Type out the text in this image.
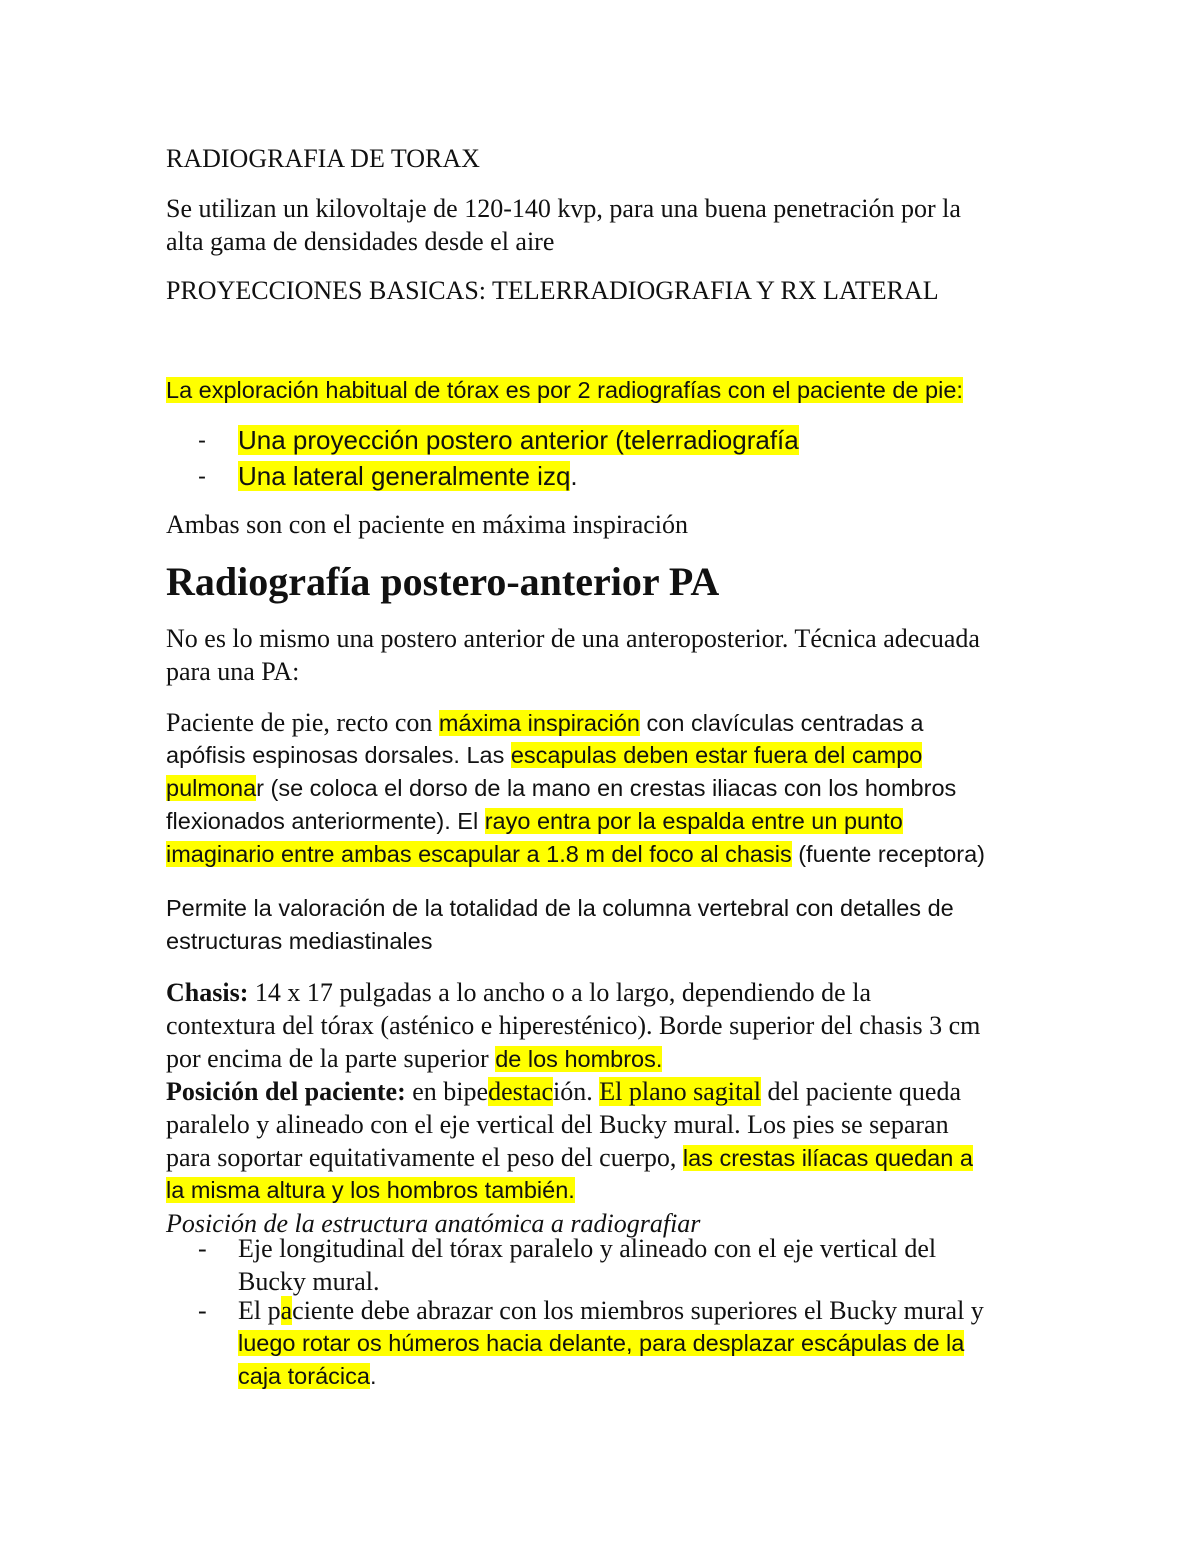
RADIOGRAFIA DE TORAX

Se utilizan un kilovoltaje de 120-140 kvp, para una buena penetración por la
alta gama de densidades desde el aire

PROYECCIONES BASICAS: TELERRADIOGRAFIA Y RX LATERAL

La exploración habitual de tórax es por 2 radiografías con el paciente de pie:

- Una proyección postero anterior (telerradiografía

- Una lateral generalmente izq.

Ambas son con el paciente en máxima inspiración

Radiografía postero-anterior PA

No es lo mismo una postero anterior de una anteroposterior. Técnica adecuada
para una PA:

Paciente de pie, recto con máxima inspiración con clavículas centradas a
apófisis espinosas dorsales. Las escapulas deben estar fuera del campo
pulmonar (se coloca el dorso de la mano en crestas iliacas con los hombros
flexionados anteriormente). El rayo entra por la espalda entre un punto
imaginario entre ambas escapular a 1.8 m del foco al chasis (fuente receptora)

Permite la valoración de la totalidad de la columna vertebral con detalles de
estructuras mediastinales

Chasis: 14 x 17 pulgadas a lo ancho o a lo largo, dependiendo de la
contextura del tórax (asténico e hiperesténico). Borde superior del chasis 3 cm
por encima de la parte superior de los hombros.
Posición del paciente: en bipedestación. El plano sagital del paciente queda
paralelo y alineado con el eje vertical del Bucky mural. Los pies se separan
para soportar equitativamente el peso del cuerpo, las crestas ilíacas quedan a
la misma altura y los hombros también.
Posición de la estructura anatómica a radiografiar

- Eje longitudinal del tórax paralelo y alineado con el eje vertical del
Bucky mural.

- El paciente debe abrazar con los miembros superiores el Bucky mural y
luego rotar os húmeros hacia delante, para desplazar escápulas de la
caja torácica.
